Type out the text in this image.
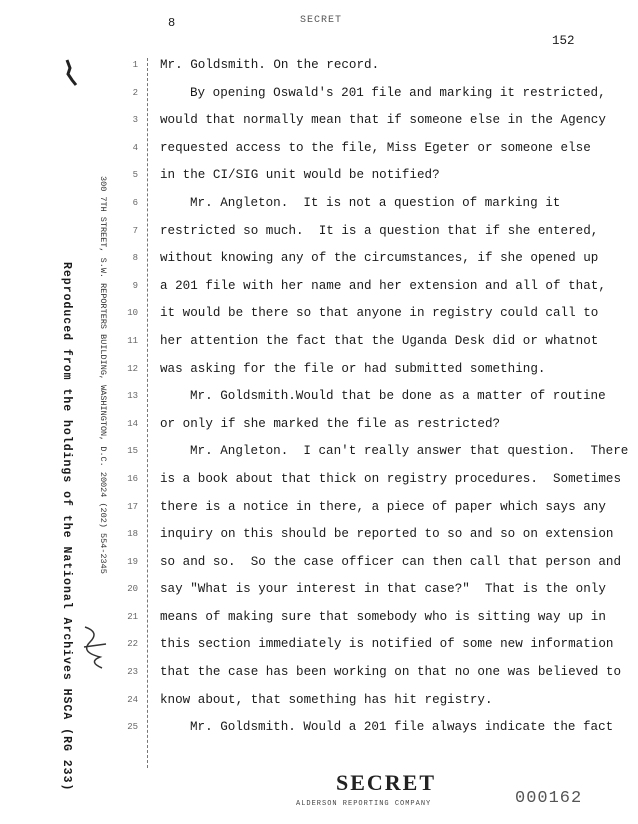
8	SECRET
152
Reproduced from the holdings of the National Archives HSCA (RG 233)	300 7TH STREET, S.W. REPORTERS BUILDING, WASHINGTON, D.C. 20024 (202) 554-2345
1 Mr. Goldsmith. On the record.
2	By opening Oswald's 201 file and marking it restricted,
3 would that normally mean that if someone else in the Agency
4 requested access to the file, Miss Egeter or someone else
5 in the CI/SIG unit would be notified?
6	Mr. Angleton.  It is not a question of marking it
7 restricted so much.  It is a question that if she entered,
8 without knowing any of the circumstances, if she opened up
9 a 201 file with her name and her extension and all of that,
10 it would be there so that anyone in registry could call to
11 her attention the fact that the Uganda Desk did or whatnot
12 was asking for the file or had submitted something.
13	Mr. Goldsmith.Would that be done as a matter of routine
14 or only if she marked the file as restricted?
15	Mr. Angleton.  I can't really answer that question.  There
16 is a book about that thick on registry procedures.  Sometimes
17 there is a notice in there, a piece of paper which says any
18 inquiry on this should be reported to so and so on extension
19 so and so.  So the case officer can then call that person and
20 say "What is your interest in that case?"  That is the only
21 means of making sure that somebody who is sitting way up in
22 this section immediately is notified of some new information
23 that the case has been working on that no one was believed to
24 know about, that something has hit registry.
25	Mr. Goldsmith. Would a 201 file always indicate the fact
SECRET
ALDERSON REPORTING COMPANY	000162
